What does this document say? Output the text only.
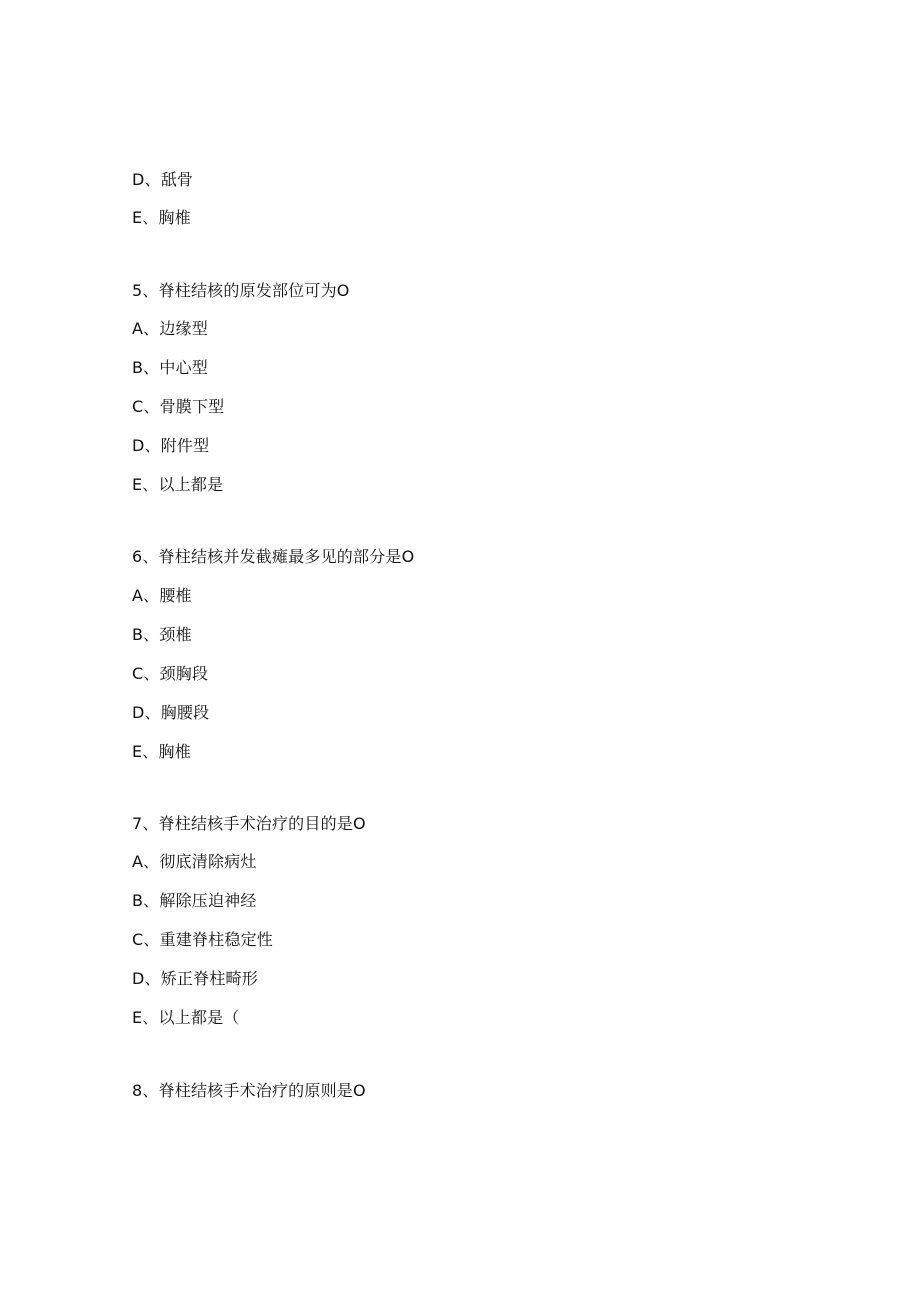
D、舐骨
E、胸椎
5、脊柱结核的原发部位可为O
A、边缘型
B、中心型
C、骨膜下型
D、附件型
E、以上都是
6、脊柱结核并发截瘫最多见的部分是O
A、腰椎
B、颈椎
C、颈胸段
D、胸腰段
E、胸椎
7、脊柱结核手术治疗的目的是O
A、彻底清除病灶
B、解除压迫神经
C、重建脊柱稳定性
D、矫正脊柱畸形
E、以上都是（
8、脊柱结核手术治疗的原则是O
